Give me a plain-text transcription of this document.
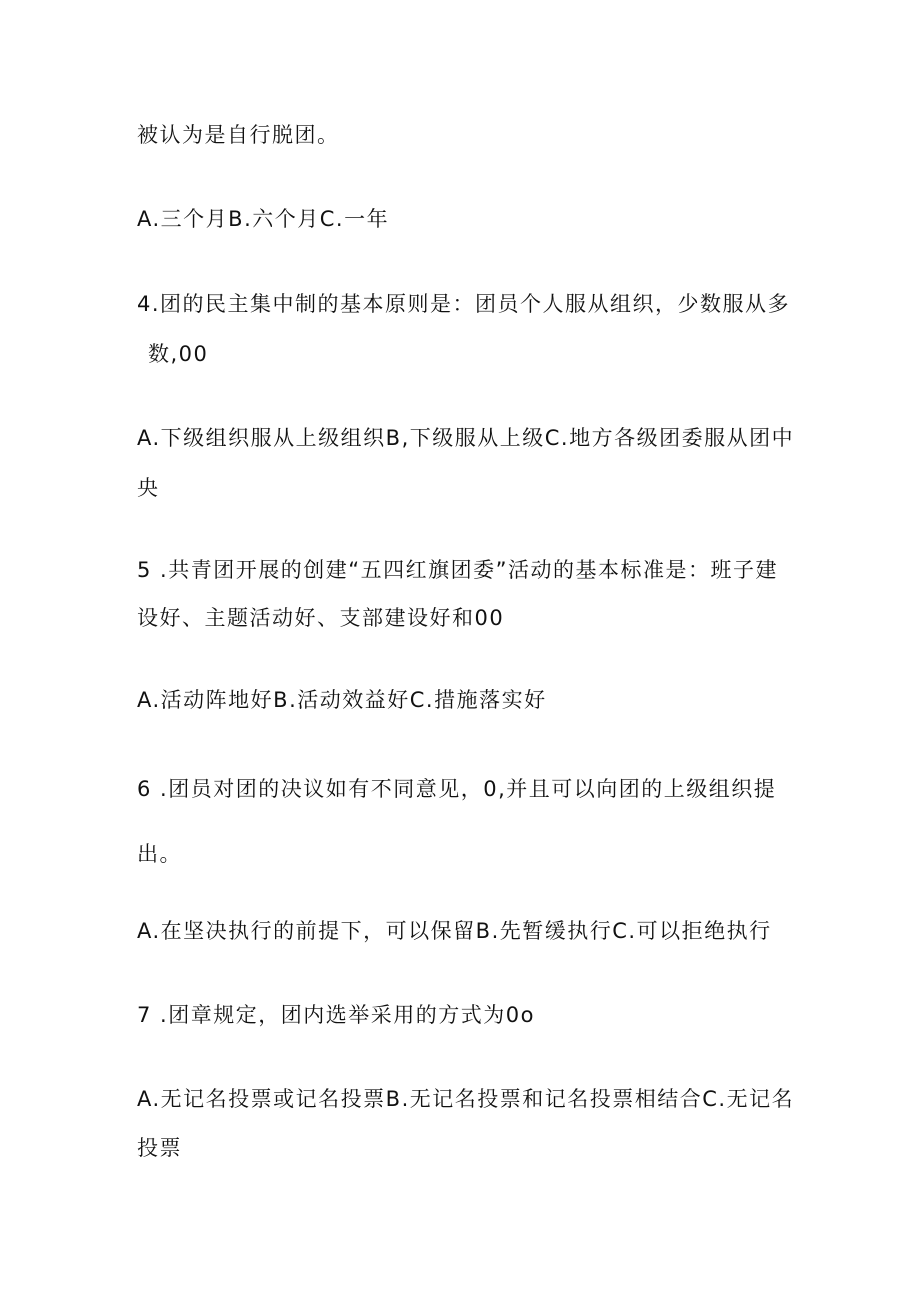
被认为是自行脱团。
A.三个月B.六个月C.一年
4.团的民主集中制的基本原则是：团员个人服从组织，少数服从多
数,00
A.下级组织服从上级组织B,下级服从上级C.地方各级团委服从团中
央
5 .共青团开展的创建“五四红旗团委”活动的基本标准是：班子建
设好、主题活动好、支部建设好和00
A.活动阵地好B.活动效益好C.措施落实好
6 .团员对团的决议如有不同意见，0,并且可以向团的上级组织提
出。
A.在坚决执行的前提下，可以保留B.先暂缓执行C.可以拒绝执行
7 .团章规定，团内选举采用的方式为0o
A.无记名投票或记名投票B.无记名投票和记名投票相结合C.无记名
投票
